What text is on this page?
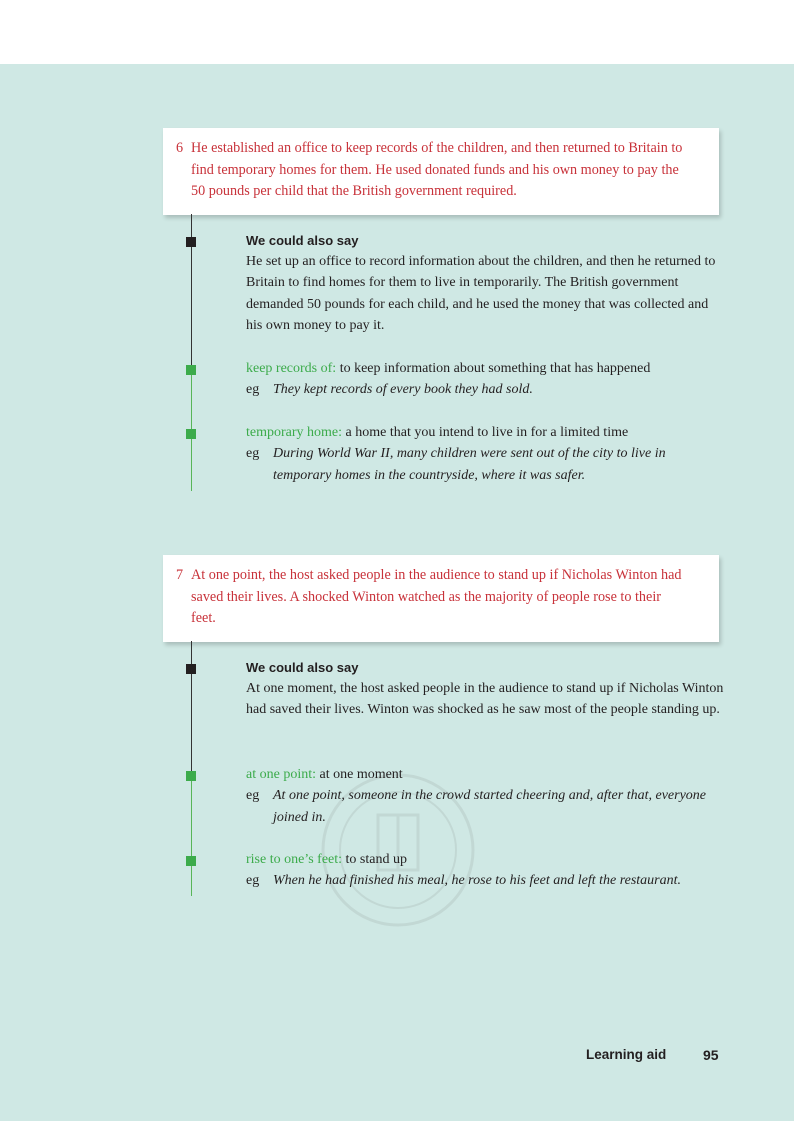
6 He established an office to keep records of the children, and then returned to Britain to find temporary homes for them. He used donated funds and his own money to pay the 50 pounds per child that the British government required.
We could also say
He set up an office to record information about the children, and then he returned to Britain to find homes for them to live in temporarily. The British government demanded 50 pounds for each child, and he used the money that was collected and his own money to pay it.
keep records of: to keep information about something that has happened
eg They kept records of every book they had sold.
temporary home: a home that you intend to live in for a limited time
eg During World War II, many children were sent out of the city to live in temporary homes in the countryside, where it was safer.
7 At one point, the host asked people in the audience to stand up if Nicholas Winton had saved their lives. A shocked Winton watched as the majority of people rose to their feet.
We could also say
At one moment, the host asked people in the audience to stand up if Nicholas Winton had saved their lives. Winton was shocked as he saw most of the people standing up.
at one point: at one moment
eg At one point, someone in the crowd started cheering and, after that, everyone joined in.
rise to one’s feet: to stand up
eg When he had finished his meal, he rose to his feet and left the restaurant.
Learning aid	95
